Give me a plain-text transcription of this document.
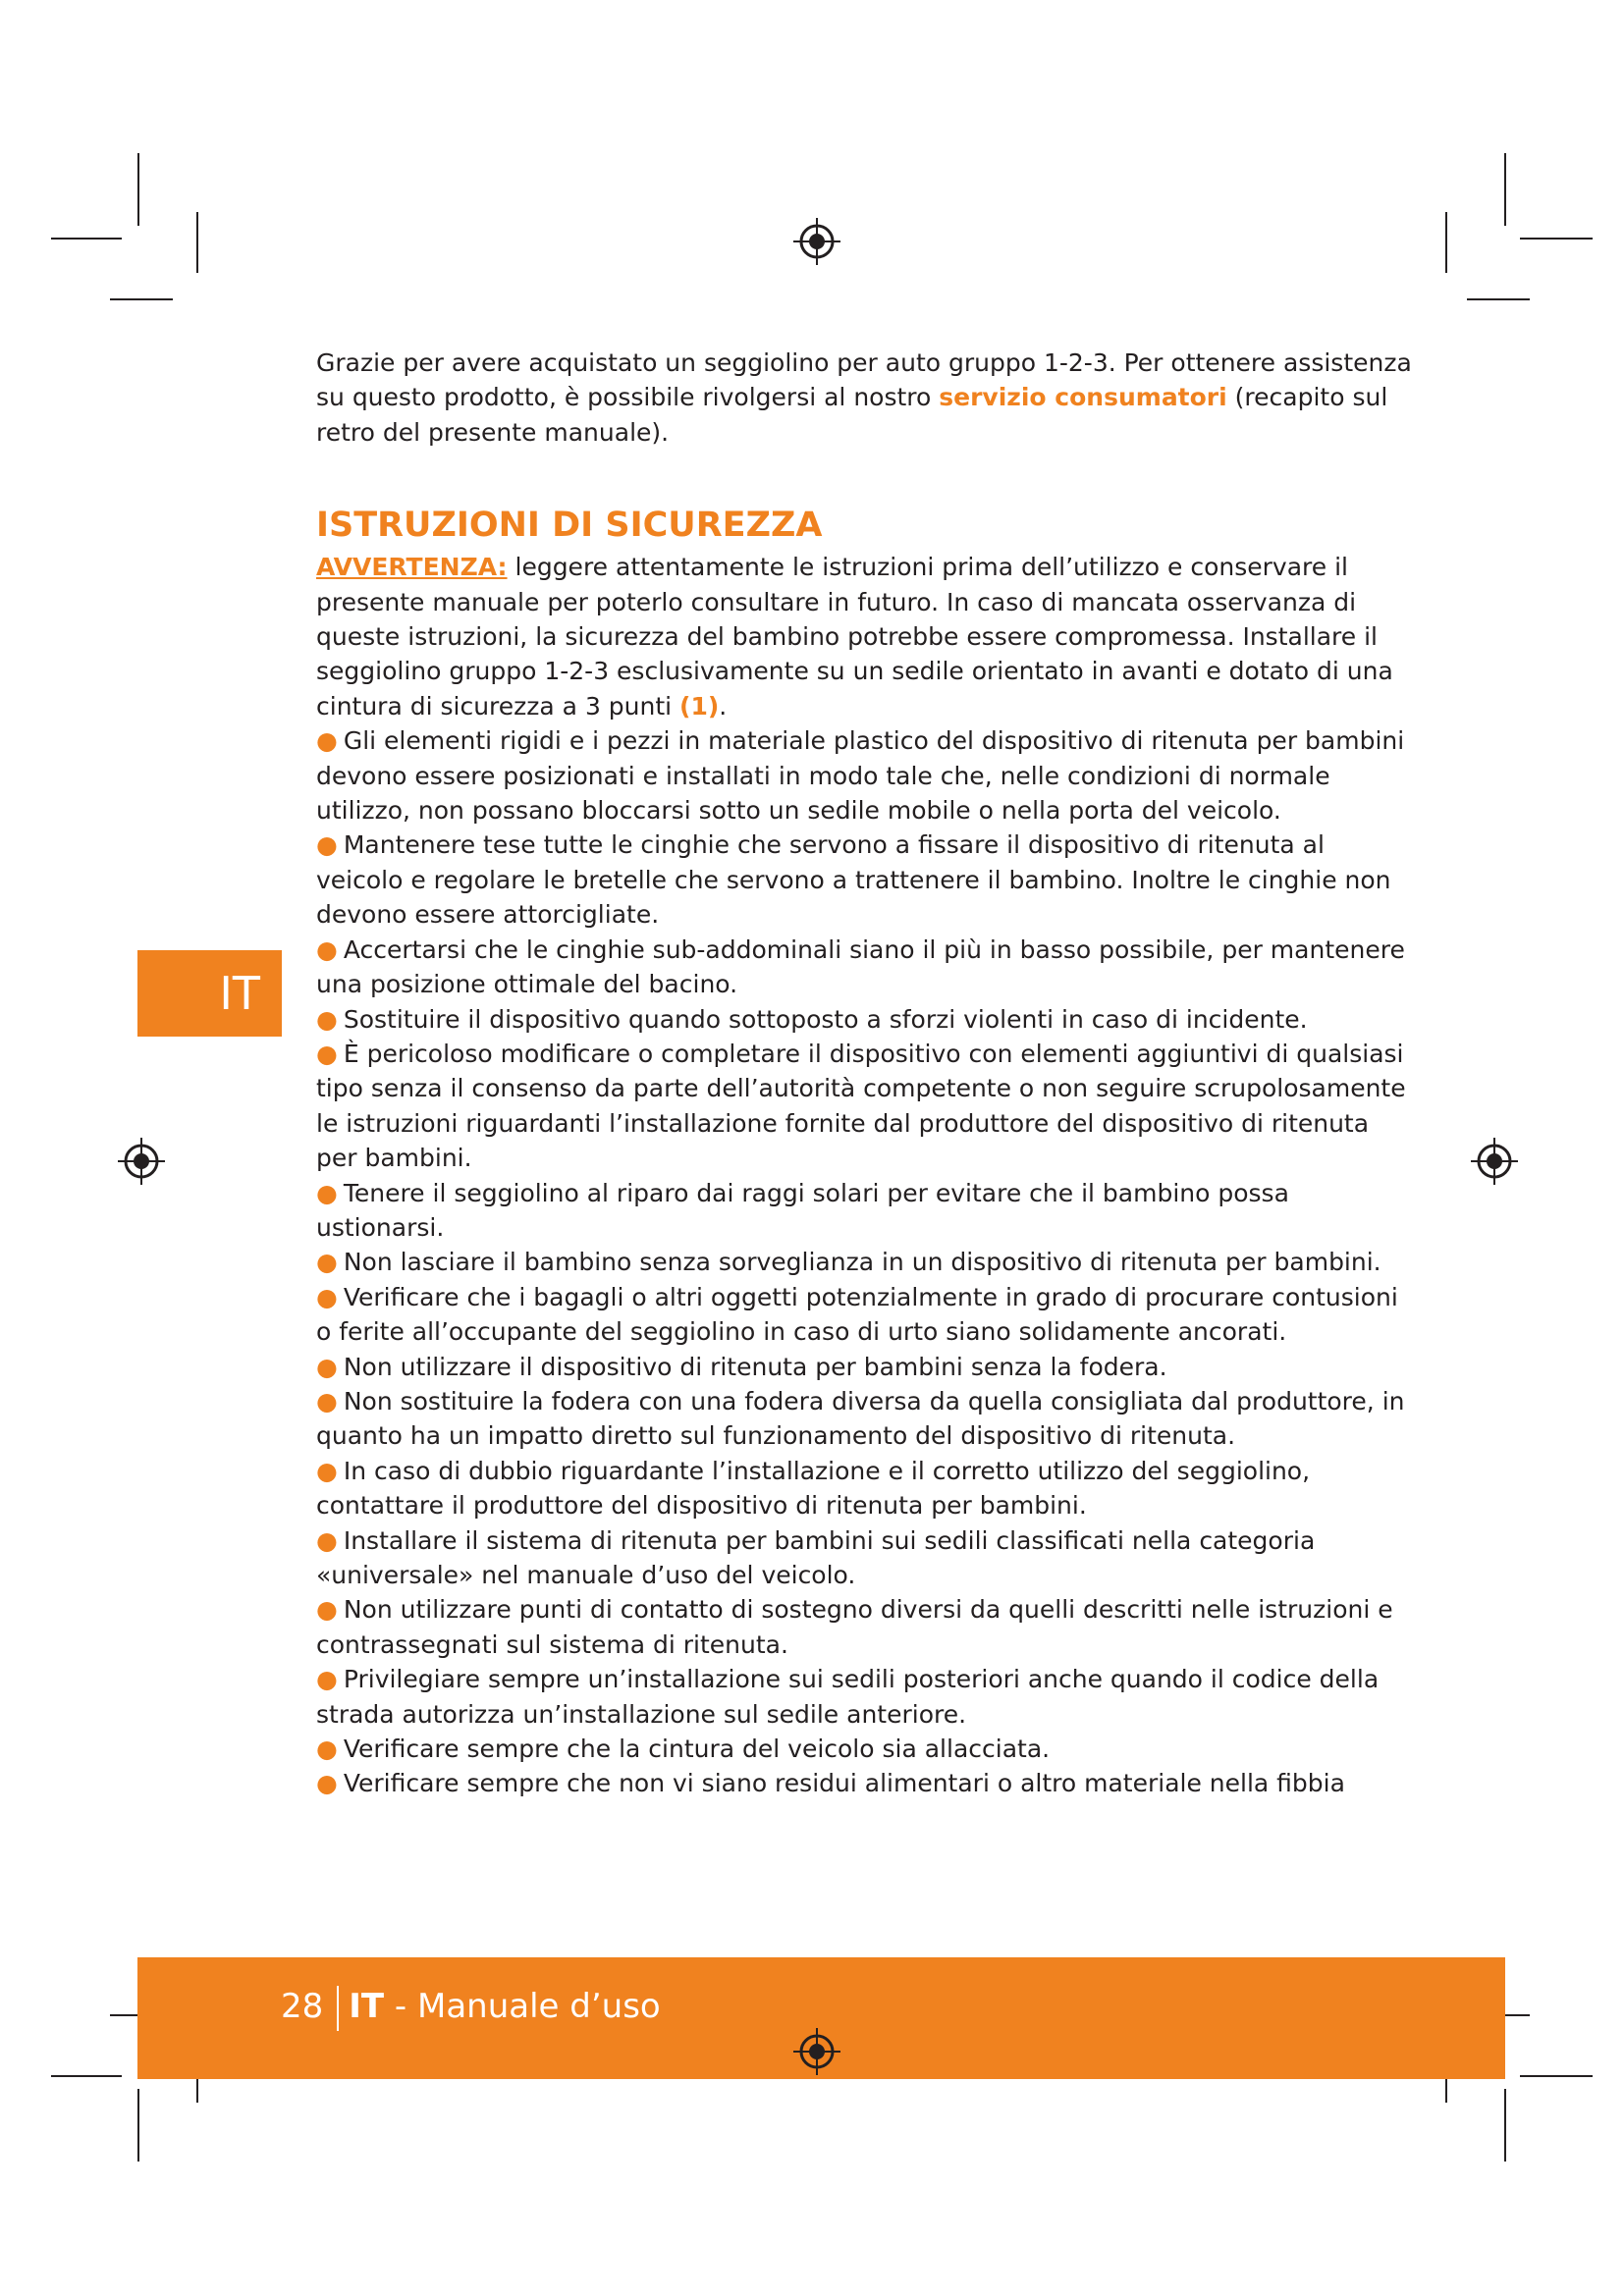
IT

Grazie per avere acquistato un seggiolino per auto gruppo 1-2-3. Per ottenere assistenza su questo prodotto, è possibile rivolgersi al nostro servizio consumatori (recapito sul retro del presente manuale).

ISTRUZIONI DI SICUREZZA

AVVERTENZA: leggere attentamente le istruzioni prima dell’utilizzo e conservare il presente manuale per poterlo consultare in futuro. In caso di mancata osservanza di queste istruzioni, la sicurezza del bambino potrebbe essere compromessa. Installare il seggiolino gruppo 1-2-3 esclusivamente su un sedile orientato in avanti e dotato di una cintura di sicurezza a 3 punti (1).

● Gli elementi rigidi e i pezzi in materiale plastico del dispositivo di ritenuta per bambini devono essere posizionati e installati in modo tale che, nelle condizioni di normale utilizzo, non possano bloccarsi sotto un sedile mobile o nella porta del veicolo.

● Mantenere tese tutte le cinghie che servono a fissare il dispositivo di ritenuta al veicolo e regolare le bretelle che servono a trattenere il bambino. Inoltre le cinghie non devono essere attorcigliate.

● Accertarsi che le cinghie sub-addominali siano il più in basso possibile, per mantenere una posizione ottimale del bacino.

● Sostituire il dispositivo quando sottoposto a sforzi violenti in caso di incidente.

● È pericoloso modificare o completare il dispositivo con elementi aggiuntivi di qualsiasi tipo senza il consenso da parte dell’autorità competente o non seguire scrupolosamente le istruzioni riguardanti l’installazione fornite dal produttore del dispositivo di ritenuta per bambini.

● Tenere il seggiolino al riparo dai raggi solari per evitare che il bambino possa ustionarsi.

● Non lasciare il bambino senza sorveglianza in un dispositivo di ritenuta per bambini.

● Verificare che i bagagli o altri oggetti potenzialmente in grado di procurare contusioni o ferite all’occupante del seggiolino in caso di urto siano solidamente ancorati.

● Non utilizzare il dispositivo di ritenuta per bambini senza la fodera.

● Non sostituire la fodera con una fodera diversa da quella consigliata dal produttore, in quanto ha un impatto diretto sul funzionamento del dispositivo di ritenuta.

● In caso di dubbio riguardante l’installazione e il corretto utilizzo del seggiolino, contattare il produttore del dispositivo di ritenuta per bambini.

● Installare il sistema di ritenuta per bambini sui sedili classificati nella categoria «universale» nel manuale d’uso del veicolo.

● Non utilizzare punti di contatto di sostegno diversi da quelli descritti nelle istruzioni e contrassegnati sul sistema di ritenuta.

● Privilegiare sempre un’installazione sui sedili posteriori anche quando il codice della strada autorizza un’installazione sul sedile anteriore.

● Verificare sempre che la cintura del veicolo sia allacciata.

● Verificare sempre che non vi siano residui alimentari o altro materiale nella fibbia

28 IT - Manuale d’uso
